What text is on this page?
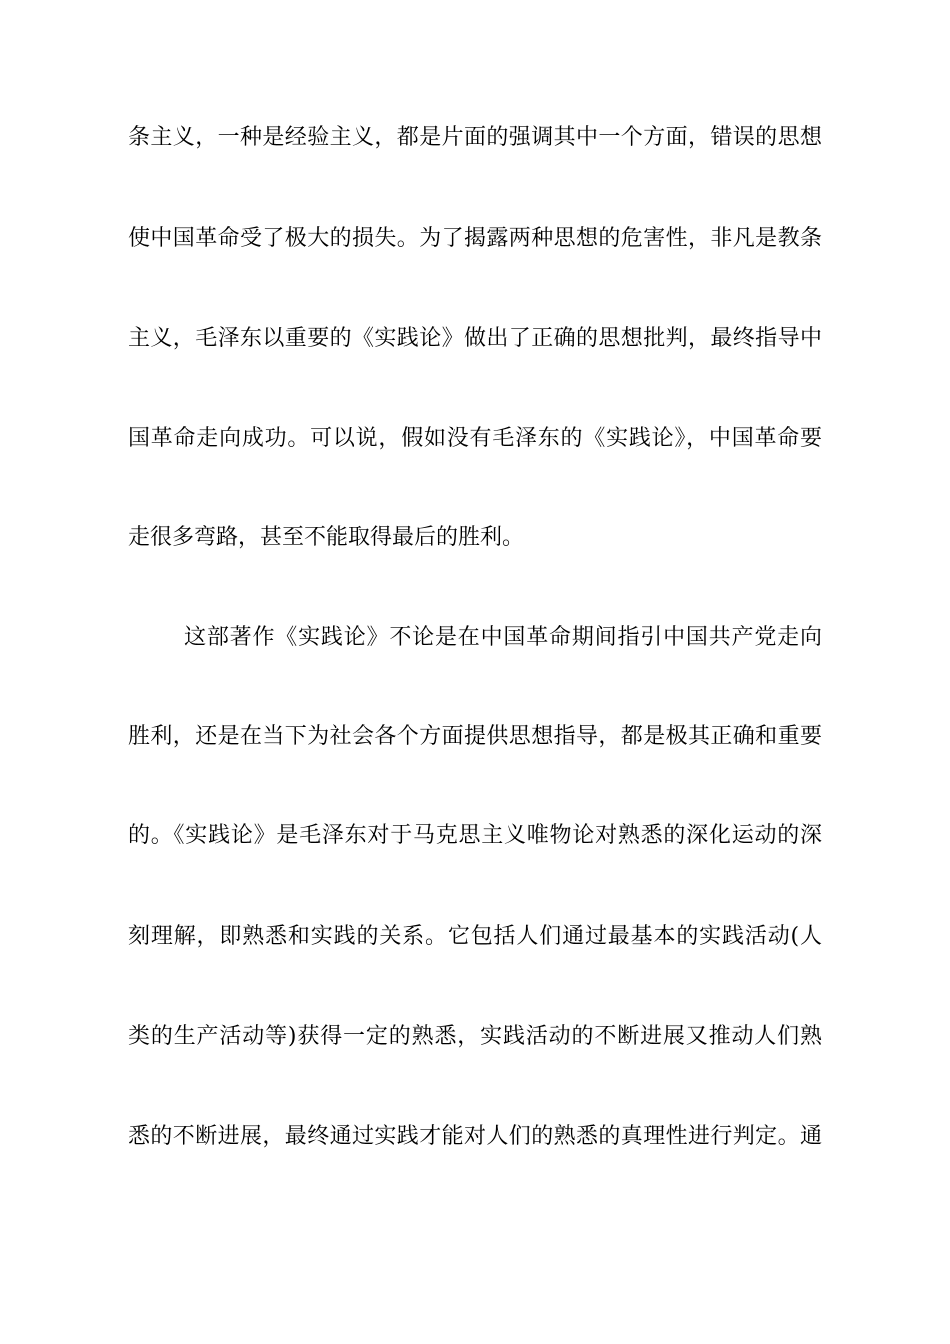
条主义，一种是经验主义，都是片面的强调其中一个方面，错误的思想
使中国革命受了极大的损失。为了揭露两种思想的危害性，非凡是教条
主义，毛泽东以重要的《实践论》做出了正确的思想批判，最终指导中
国革命走向成功。可以说，假如没有毛泽东的《实践论》，中国革命要
走很多弯路，甚至不能取得最后的胜利。
这部著作《实践论》不论是在中国革命期间指引中国共产党走向
胜利，还是在当下为社会各个方面提供思想指导，都是极其正确和重要
的。《实践论》是毛泽东对于马克思主义唯物论对熟悉的深化运动的深
刻理解，即熟悉和实践的关系。它包括人们通过最基本的实践活动(人
类的生产活动等)获得一定的熟悉，实践活动的不断进展又推动人们熟
悉的不断进展，最终通过实践才能对人们的熟悉的真理性进行判定。通
